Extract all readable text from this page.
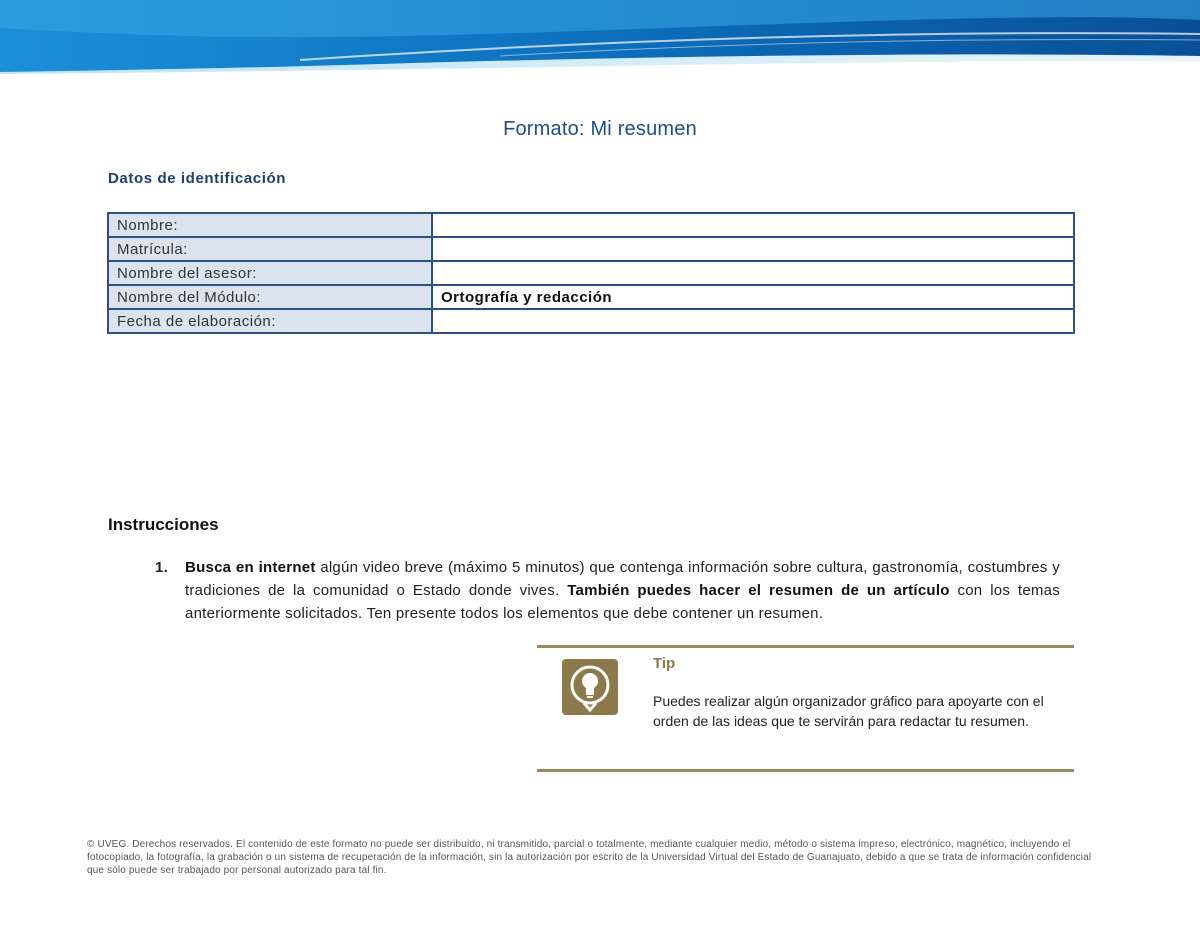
Formato: Mi resumen
Datos de identificación
Nombre:	
Matrícula:	
Nombre del asesor:	
Nombre del Módulo:	Ortografía y redacción
Fecha de elaboración:	
Instrucciones
1. Busca en internet algún video breve (máximo 5 minutos) que contenga información sobre cultura, gastronomía, costumbres y tradiciones de la comunidad o Estado donde vives. También puedes hacer el resumen de un artículo con los temas anteriormente solicitados. Ten presente todos los elementos que debe contener un resumen.
Tip
Puedes realizar algún organizador gráfico para apoyarte con el orden de las ideas que te servirán para redactar tu resumen.
© UVEG. Derechos reservados. El contenido de este formato no puede ser distribuido, ni transmitido, parcial o totalmente, mediante cualquier medio, método o sistema impreso, electrónico, magnético, incluyendo el fotocopiado, la fotografía, la grabación o un sistema de recuperación de la información, sin la autorización por escrito de la Universidad Virtual del Estado de Guanajuato, debido a que se trata de información confidencial que sólo puede ser trabajado por personal autorizado para tal fin.
